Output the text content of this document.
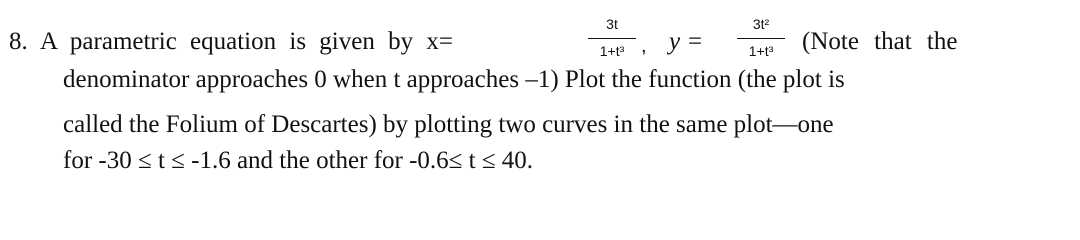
8. A parametric equation is given by x=
3t
1+t³ , y =
3t²
1+t³	(Note that the
denominator approaches 0 when t approaches –1) Plot the function (the plot is
called the Folium of Descartes) by plotting two curves in the same plot—one
for -30 ≤ t ≤ -1.6 and the other for -0.6≤ t ≤ 40.
